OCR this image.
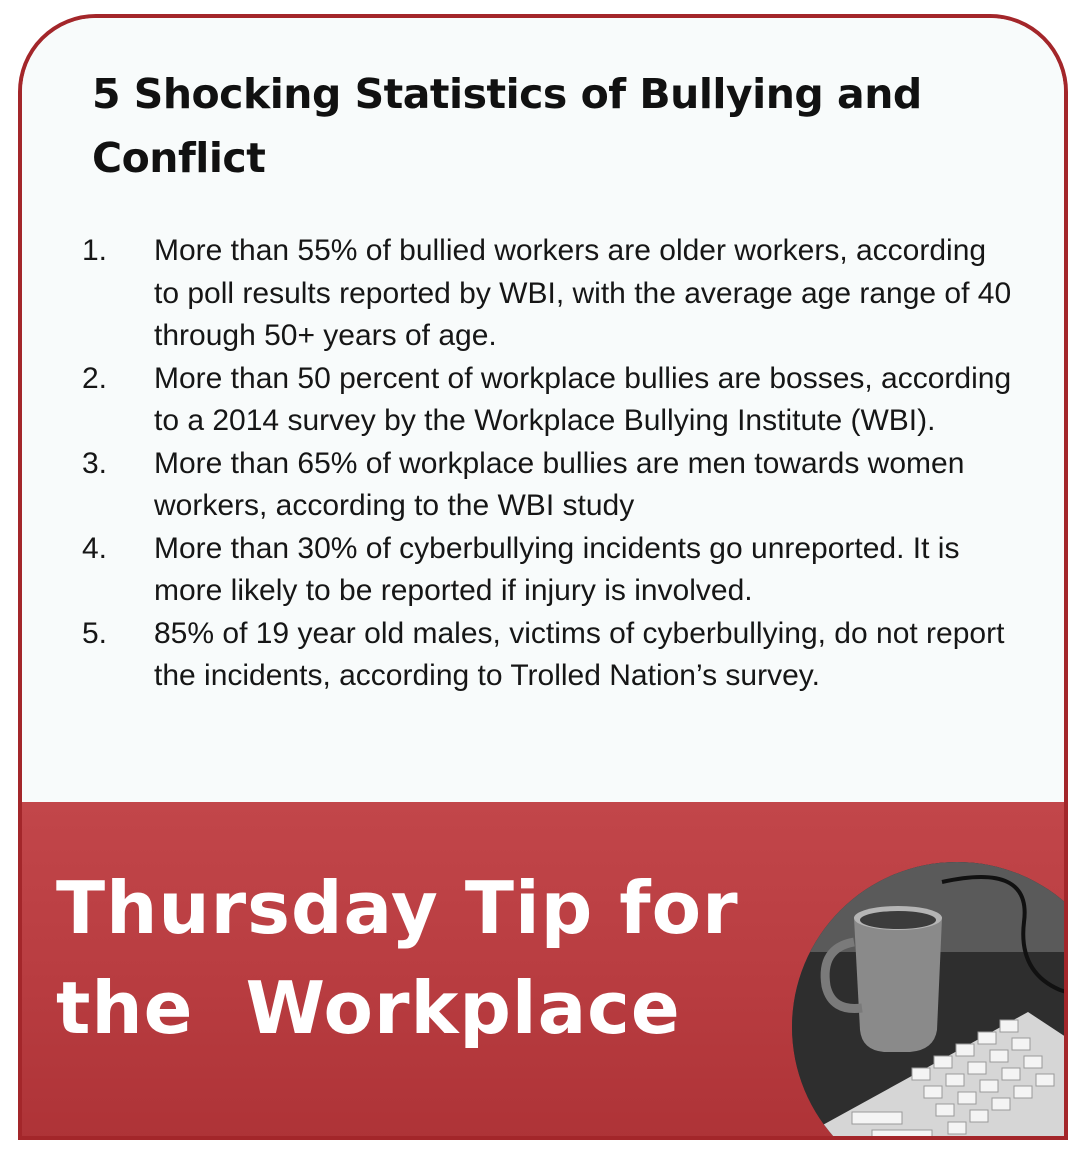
5 Shocking Statistics of Bullying and
Conflict
1. More than 55% of bullied workers are older workers, according to poll results reported by WBI, with the average age range of 40 through 50+ years of age.
2. More than 50 percent of workplace bullies are bosses, according to a 2014 survey by the Workplace Bullying Institute (WBI).
3. More than 65% of workplace bullies are men towards women workers, according to the WBI study
4. More than 30% of cyberbullying incidents go unreported. It is more likely to be reported if injury is involved.
5. 85% of 19 year old males, victims of cyberbullying, do not report the incidents, according to Trolled Nation’s survey.
Thursday Tip for
the  Workplace
